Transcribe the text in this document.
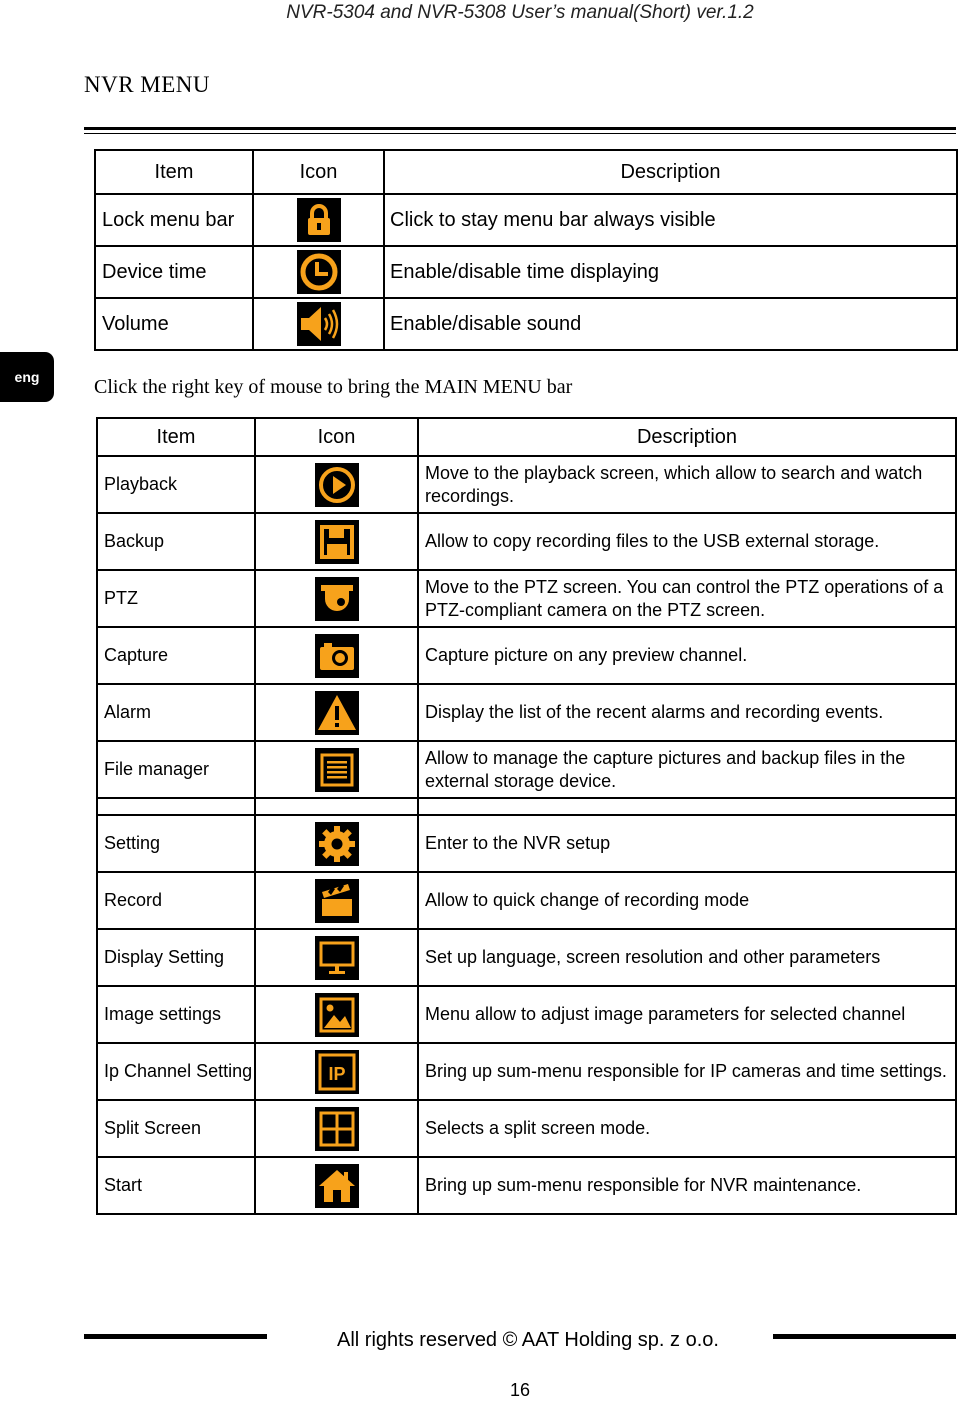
NVR-5304 and NVR-5308 User’s manual(Short) ver.1.2
NVR MENU
Item	Icon	Description
Lock menu bar		Click to stay menu bar always visible
Device time		Enable/disable time displaying
Volume		Enable/disable sound
eng	Click the right key of mouse to bring the MAIN MENU bar
Item	Icon	Description
Playback		Move to the playback screen, which allow to search and watch recordings.
Backup		Allow to copy recording files to the USB external storage.
PTZ		Move to the PTZ screen. You can control the PTZ operations of a PTZ-compliant camera on the PTZ screen.
Capture		Capture picture on any preview channel.
Alarm		Display the list of the recent alarms and recording events.
File manager		Allow to manage the capture pictures and backup files in the external storage device.

Setting		Enter to the NVR setup
Record		Allow to quick change of recording mode
Display Setting		Set up language, screen resolution and other parameters
Image settings		Menu allow to adjust image parameters for selected channel
Ip Channel Setting	IP	Bring up sum-menu responsible for IP cameras and time settings.
Split Screen		Selects a split screen mode.
Start		Bring up sum-menu responsible for NVR maintenance.
All rights reserved © AAT Holding sp. z o.o.
16
